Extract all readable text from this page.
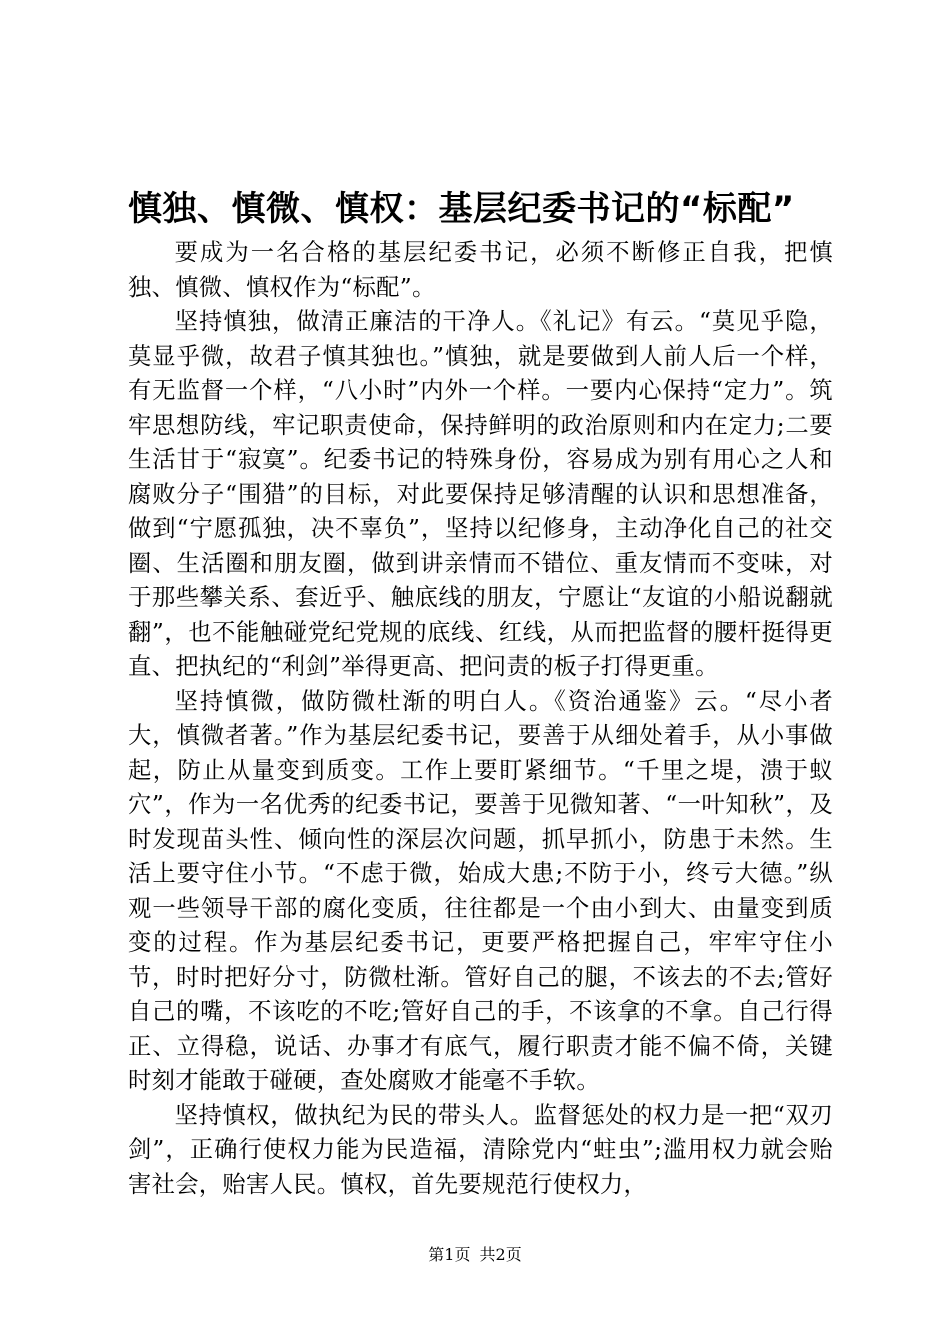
慎独、慎微、慎权：基层纪委书记的“标配”

要成为一名合格的基层纪委书记，必须不断修正自我，把慎独、慎微、慎权作为“标配”。

坚持慎独，做清正廉洁的干净人。《礼记》有云。“莫见乎隐，莫显乎微，故君子慎其独也。”慎独，就是要做到人前人后一个样，有无监督一个样，“八小时”内外一个样。一要内心保持“定力”。筑牢思想防线，牢记职责使命，保持鲜明的政治原则和内在定力;二要生活甘于“寂寞”。纪委书记的特殊身份，容易成为别有用心之人和腐败分子“围猎”的目标，对此要保持足够清醒的认识和思想准备，做到“宁愿孤独，决不辜负”，坚持以纪修身，主动净化自己的社交圈、生活圈和朋友圈，做到讲亲情而不错位、重友情而不变味，对于那些攀关系、套近乎、触底线的朋友，宁愿让“友谊的小船说翻就翻”，也不能触碰党纪党规的底线、红线，从而把监督的腰杆挺得更直、把执纪的“利剑”举得更高、把问责的板子打得更重。

坚持慎微，做防微杜渐的明白人。《资治通鉴》云。“尽小者大，慎微者著。”作为基层纪委书记，要善于从细处着手，从小事做起，防止从量变到质变。工作上要盯紧细节。“千里之堤，溃于蚁穴”，作为一名优秀的纪委书记，要善于见微知著、“一叶知秋”，及时发现苗头性、倾向性的深层次问题，抓早抓小，防患于未然。生活上要守住小节。“不虑于微，始成大患;不防于小，终亏大德。”纵观一些领导干部的腐化变质，往往都是一个由小到大、由量变到质变的过程。作为基层纪委书记，更要严格把握自己，牢牢守住小节，时时把好分寸，防微杜渐。管好自己的腿，不该去的不去;管好自己的嘴，不该吃的不吃;管好自己的手，不该拿的不拿。自己行得正、立得稳，说话、办事才有底气，履行职责才能不偏不倚，关键时刻才能敢于碰硬，查处腐败才能毫不手软。

坚持慎权，做执纪为民的带头人。监督惩处的权力是一把“双刃剑”，正确行使权力能为民造福，清除党内“蛀虫”;滥用权力就会贻害社会，贻害人民。慎权，首先要规范行使权力，

第1页 共2页
